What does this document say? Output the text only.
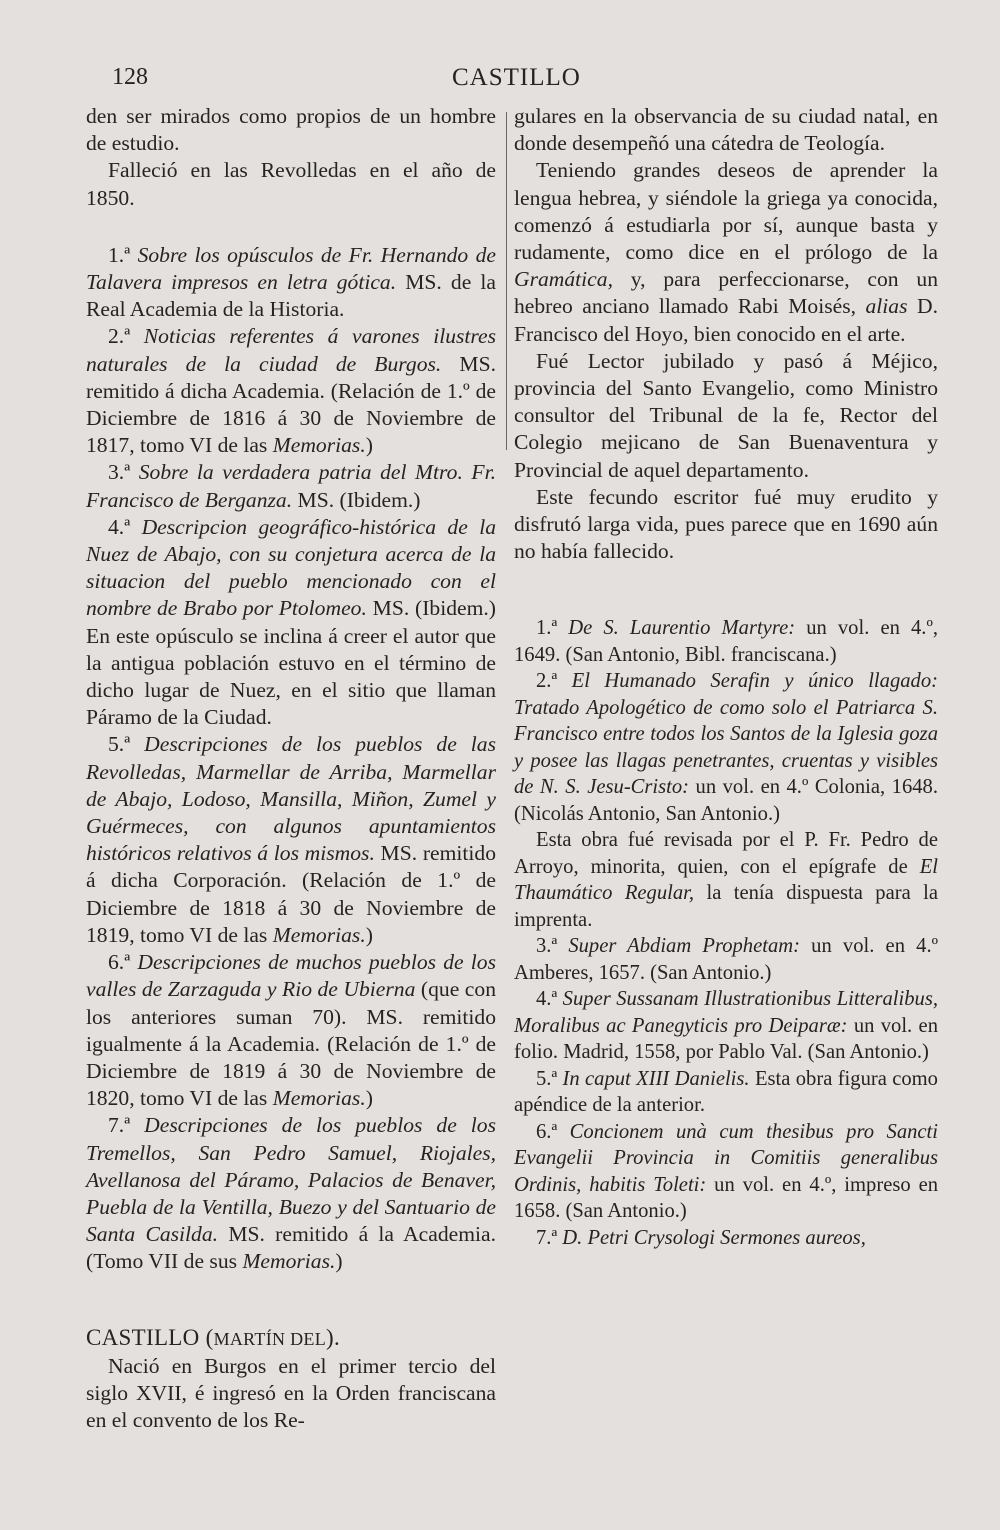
128	CASTILLO

den ser mirados como propios de un hombre de estudio.

Falleció en las Revolledas en el año de 1850.

1.ª Sobre los opúsculos de Fr. Hernando de Talavera impresos en letra gótica. MS. de la Real Academia de la Historia.

2.ª Noticias referentes á varones ilustres naturales de la ciudad de Burgos. MS. remitido á dicha Academia. (Relación de 1.º de Diciembre de 1816 á 30 de Noviembre de 1817, tomo VI de las Memorias.)

3.ª Sobre la verdadera patria del Mtro. Fr. Francisco de Berganza. MS. (Ibidem.)

4.ª Descripcion geográfico-histórica de la Nuez de Abajo, con su conjetura acerca de la situacion del pueblo mencionado con el nombre de Brabo por Ptolomeo. MS. (Ibidem.) En este opúsculo se inclina á creer el autor que la antigua población estuvo en el término de dicho lugar de Nuez, en el sitio que llaman Páramo de la Ciudad.

5.ª Descripciones de los pueblos de las Revolledas, Marmellar de Arriba, Marmellar de Abajo, Lodoso, Mansilla, Miñon, Zumel y Guérmeces, con algunos apuntamientos históricos relativos á los mismos. MS. remitido á dicha Corporación. (Relación de 1.º de Diciembre de 1818 á 30 de Noviembre de 1819, tomo VI de las Memorias.)

6.ª Descripciones de muchos pueblos de los valles de Zarzaguda y Rio de Ubierna (que con los anteriores suman 70). MS. remitido igualmente á la Academia. (Relación de 1.º de Diciembre de 1819 á 30 de Noviembre de 1820, tomo VI de las Memorias.)

7.ª Descripciones de los pueblos de los Tremellos, San Pedro Samuel, Riojales, Avellanosa del Páramo, Palacios de Benaver, Puebla de la Ventilla, Buezo y del Santuario de Santa Casilda. MS. remitido á la Academia. (Tomo VII de sus Memorias.)

CASTILLO (MARTÍN DEL).

Nació en Burgos en el primer tercio del siglo XVII, é ingresó en la Orden franciscana en el convento de los Re-

gulares en la observancia de su ciudad natal, en donde desempeñó una cátedra de Teología.

Teniendo grandes deseos de aprender la lengua hebrea, y siéndole la griega ya conocida, comenzó á estudiarla por sí, aunque basta y rudamente, como dice en el prólogo de la Gramática, y, para perfeccionarse, con un hebreo anciano llamado Rabi Moisés, alias D. Francisco del Hoyo, bien conocido en el arte.

Fué Lector jubilado y pasó á Méjico, provincia del Santo Evangelio, como Ministro consultor del Tribunal de la fe, Rector del Colegio mejicano de San Buenaventura y Provincial de aquel departamento.

Este fecundo escritor fué muy erudito y disfrutó larga vida, pues parece que en 1690 aún no había fallecido.

1.ª De S. Laurentio Martyre: un vol. en 4.º, 1649. (San Antonio, Bibl. franciscana.)

2.ª El Humanado Serafin y único llagado: Tratado Apologético de como solo el Patriarca S. Francisco entre todos los Santos de la Iglesia goza y posee las llagas penetrantes, cruentas y visibles de N. S. Jesu-Cristo: un vol. en 4.º Colonia, 1648. (Nicolás Antonio, San Antonio.)

Esta obra fué revisada por el P. Fr. Pedro de Arroyo, minorita, quien, con el epígrafe de El Thaumático Regular, la tenía dispuesta para la imprenta.

3.ª Super Abdiam Prophetam: un vol. en 4.º Amberes, 1657. (San Antonio.)

4.ª Super Sussanam Illustrationibus Litteralibus, Moralibus ac Panegyticis pro Deiparæ: un vol. en folio. Madrid, 1558, por Pablo Val. (San Antonio.)

5.ª In caput XIII Danielis. Esta obra figura como apéndice de la anterior.

6.ª Concionem unà cum thesibus pro Sancti Evangelii Provincia in Comitiis generalibus Ordinis, habitis Toleti: un vol. en 4.º, impreso en 1658. (San Antonio.)

7.ª D. Petri Crysologi Sermones aureos,
